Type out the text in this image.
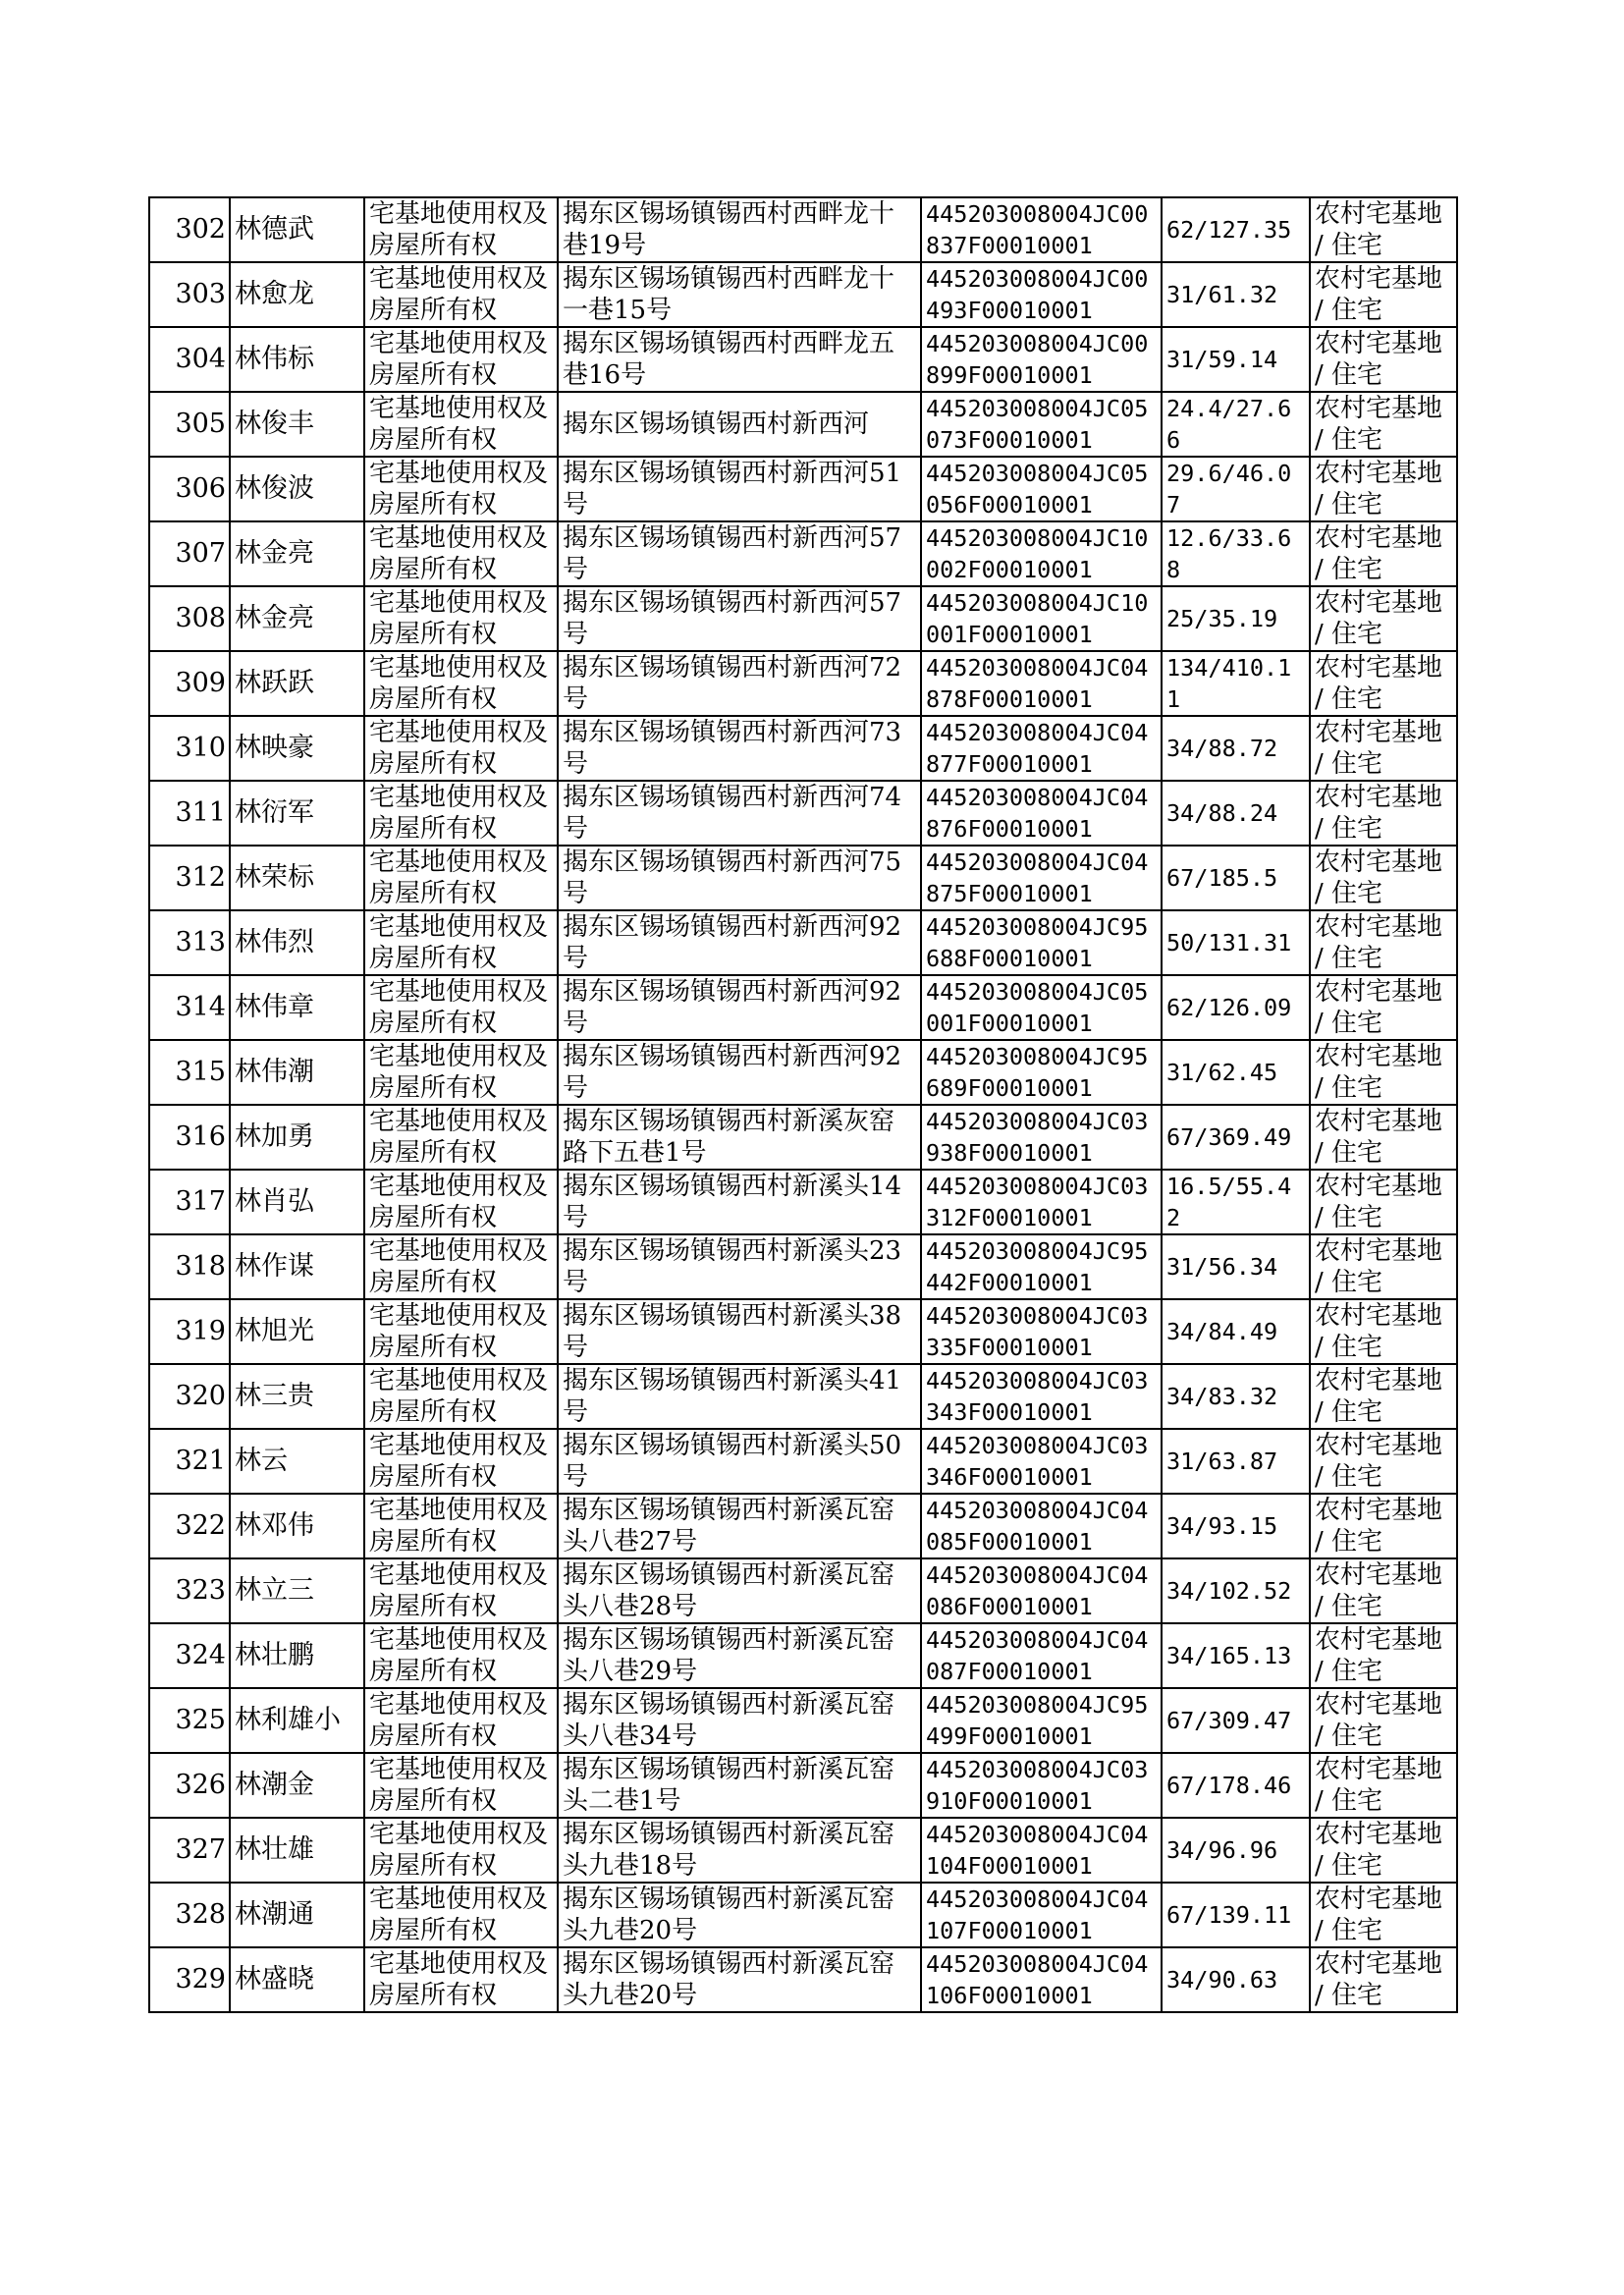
302	林德武	宅基地使用权及房屋所有权	揭东区锡场镇锡西村西畔龙十巷19号	445203008004JC00837F00010001	62/127.35	农村宅基地 / 住宅
303	林愈龙	宅基地使用权及房屋所有权	揭东区锡场镇锡西村西畔龙十一巷15号	445203008004JC00493F00010001	31/61.32	农村宅基地 / 住宅
304	林伟标	宅基地使用权及房屋所有权	揭东区锡场镇锡西村西畔龙五巷16号	445203008004JC00899F00010001	31/59.14	农村宅基地 / 住宅
305	林俊丰	宅基地使用权及房屋所有权	揭东区锡场镇锡西村新西河	445203008004JC05073F00010001	24.4/27.66	农村宅基地 / 住宅
306	林俊波	宅基地使用权及房屋所有权	揭东区锡场镇锡西村新西河51号	445203008004JC05056F00010001	29.6/46.07	农村宅基地 / 住宅
307	林金亮	宅基地使用权及房屋所有权	揭东区锡场镇锡西村新西河57号	445203008004JC10002F00010001	12.6/33.68	农村宅基地 / 住宅
308	林金亮	宅基地使用权及房屋所有权	揭东区锡场镇锡西村新西河57号	445203008004JC10001F00010001	25/35.19	农村宅基地 / 住宅
309	林跃跃	宅基地使用权及房屋所有权	揭东区锡场镇锡西村新西河72号	445203008004JC04878F00010001	134/410.11	农村宅基地 / 住宅
310	林映豪	宅基地使用权及房屋所有权	揭东区锡场镇锡西村新西河73号	445203008004JC04877F00010001	34/88.72	农村宅基地 / 住宅
311	林衍军	宅基地使用权及房屋所有权	揭东区锡场镇锡西村新西河74号	445203008004JC04876F00010001	34/88.24	农村宅基地 / 住宅
312	林荣标	宅基地使用权及房屋所有权	揭东区锡场镇锡西村新西河75号	445203008004JC04875F00010001	67/185.5	农村宅基地 / 住宅
313	林伟烈	宅基地使用权及房屋所有权	揭东区锡场镇锡西村新西河92号	445203008004JC95688F00010001	50/131.31	农村宅基地 / 住宅
314	林伟章	宅基地使用权及房屋所有权	揭东区锡场镇锡西村新西河92号	445203008004JC05001F00010001	62/126.09	农村宅基地 / 住宅
315	林伟潮	宅基地使用权及房屋所有权	揭东区锡场镇锡西村新西河92号	445203008004JC95689F00010001	31/62.45	农村宅基地 / 住宅
316	林加勇	宅基地使用权及房屋所有权	揭东区锡场镇锡西村新溪灰窑路下五巷1号	445203008004JC03938F00010001	67/369.49	农村宅基地 / 住宅
317	林肖弘	宅基地使用权及房屋所有权	揭东区锡场镇锡西村新溪头14号	445203008004JC03312F00010001	16.5/55.42	农村宅基地 / 住宅
318	林作谋	宅基地使用权及房屋所有权	揭东区锡场镇锡西村新溪头23号	445203008004JC95442F00010001	31/56.34	农村宅基地 / 住宅
319	林旭光	宅基地使用权及房屋所有权	揭东区锡场镇锡西村新溪头38号	445203008004JC03335F00010001	34/84.49	农村宅基地 / 住宅
320	林三贵	宅基地使用权及房屋所有权	揭东区锡场镇锡西村新溪头41号	445203008004JC03343F00010001	34/83.32	农村宅基地 / 住宅
321	林云	宅基地使用权及房屋所有权	揭东区锡场镇锡西村新溪头50号	445203008004JC03346F00010001	31/63.87	农村宅基地 / 住宅
322	林邓伟	宅基地使用权及房屋所有权	揭东区锡场镇锡西村新溪瓦窑头八巷27号	445203008004JC04085F00010001	34/93.15	农村宅基地 / 住宅
323	林立三	宅基地使用权及房屋所有权	揭东区锡场镇锡西村新溪瓦窑头八巷28号	445203008004JC04086F00010001	34/102.52	农村宅基地 / 住宅
324	林壮鹏	宅基地使用权及房屋所有权	揭东区锡场镇锡西村新溪瓦窑头八巷29号	445203008004JC04087F00010001	34/165.13	农村宅基地 / 住宅
325	林利雄小	宅基地使用权及房屋所有权	揭东区锡场镇锡西村新溪瓦窑头八巷34号	445203008004JC95499F00010001	67/309.47	农村宅基地 / 住宅
326	林潮金	宅基地使用权及房屋所有权	揭东区锡场镇锡西村新溪瓦窑头二巷1号	445203008004JC03910F00010001	67/178.46	农村宅基地 / 住宅
327	林壮雄	宅基地使用权及房屋所有权	揭东区锡场镇锡西村新溪瓦窑头九巷18号	445203008004JC04104F00010001	34/96.96	农村宅基地 / 住宅
328	林潮通	宅基地使用权及房屋所有权	揭东区锡场镇锡西村新溪瓦窑头九巷20号	445203008004JC04107F00010001	67/139.11	农村宅基地 / 住宅
329	林盛晓	宅基地使用权及房屋所有权	揭东区锡场镇锡西村新溪瓦窑头九巷20号	445203008004JC04106F00010001	34/90.63	农村宅基地 / 住宅
